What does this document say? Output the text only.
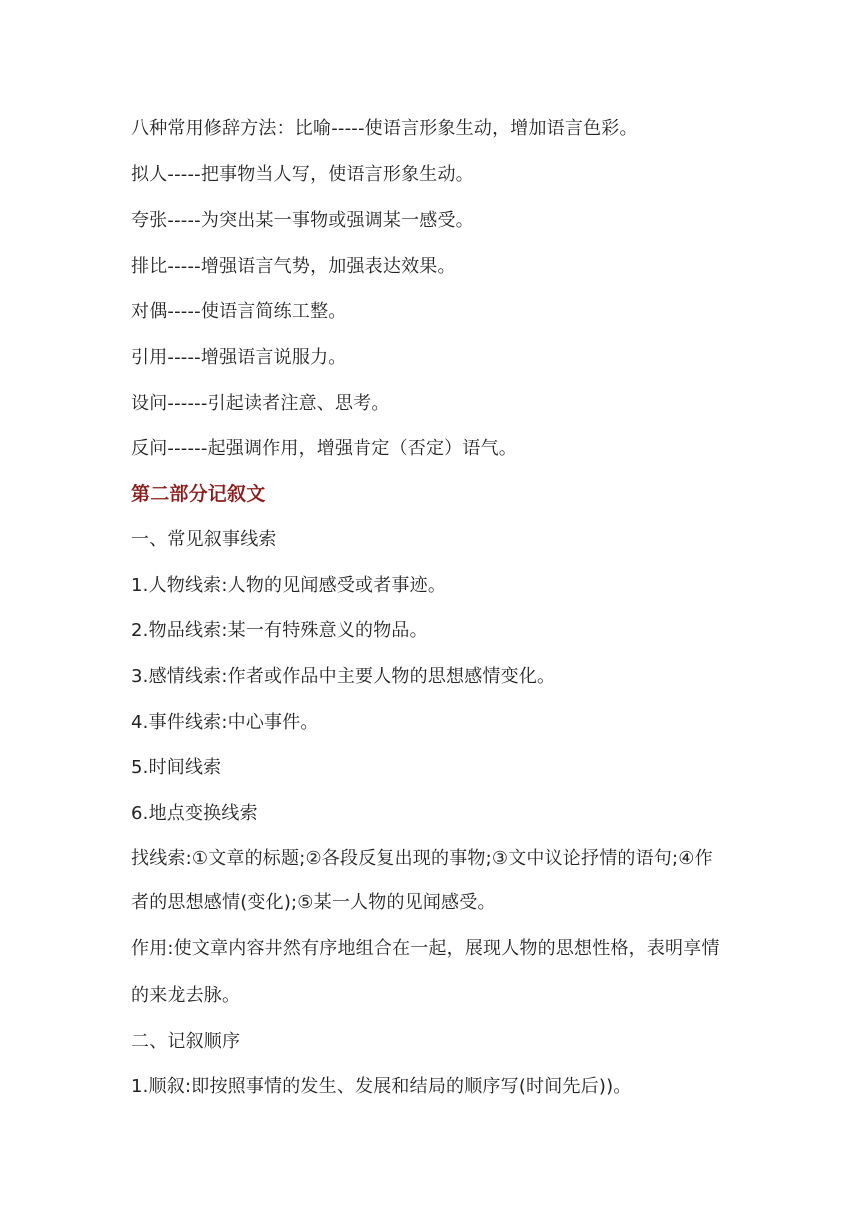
八种常用修辞方法：比喻-----使语言形象生动，增加语言色彩。
拟人-----把事物当人写，使语言形象生动。
夸张-----为突出某一事物或强调某一感受。
排比-----增强语言气势，加强表达效果。
对偶-----使语言简练工整。
引用-----增强语言说服力。
设问------引起读者注意、思考。
反问------起强调作用，增强肯定（否定）语气。
第二部分记叙文
一、常见叙事线索
1.人物线索:人物的见闻感受或者事迹。
2.物品线索:某一有特殊意义的物品。
3.感情线索:作者或作品中主要人物的思想感情变化。
4.事件线索:中心事件。
5.时间线索
6.地点变换线索
找线索:①文章的标题;②各段反复出现的事物;③文中议论抒情的语句;④作
者的思想感情(变化);⑤某一人物的见闻感受。
作用:使文章内容井然有序地组合在一起，展现人物的思想性格，表明享情
的来龙去脉。
二、记叙顺序
1.顺叙:即按照事情的发生、发展和结局的顺序写(时间先后))。
